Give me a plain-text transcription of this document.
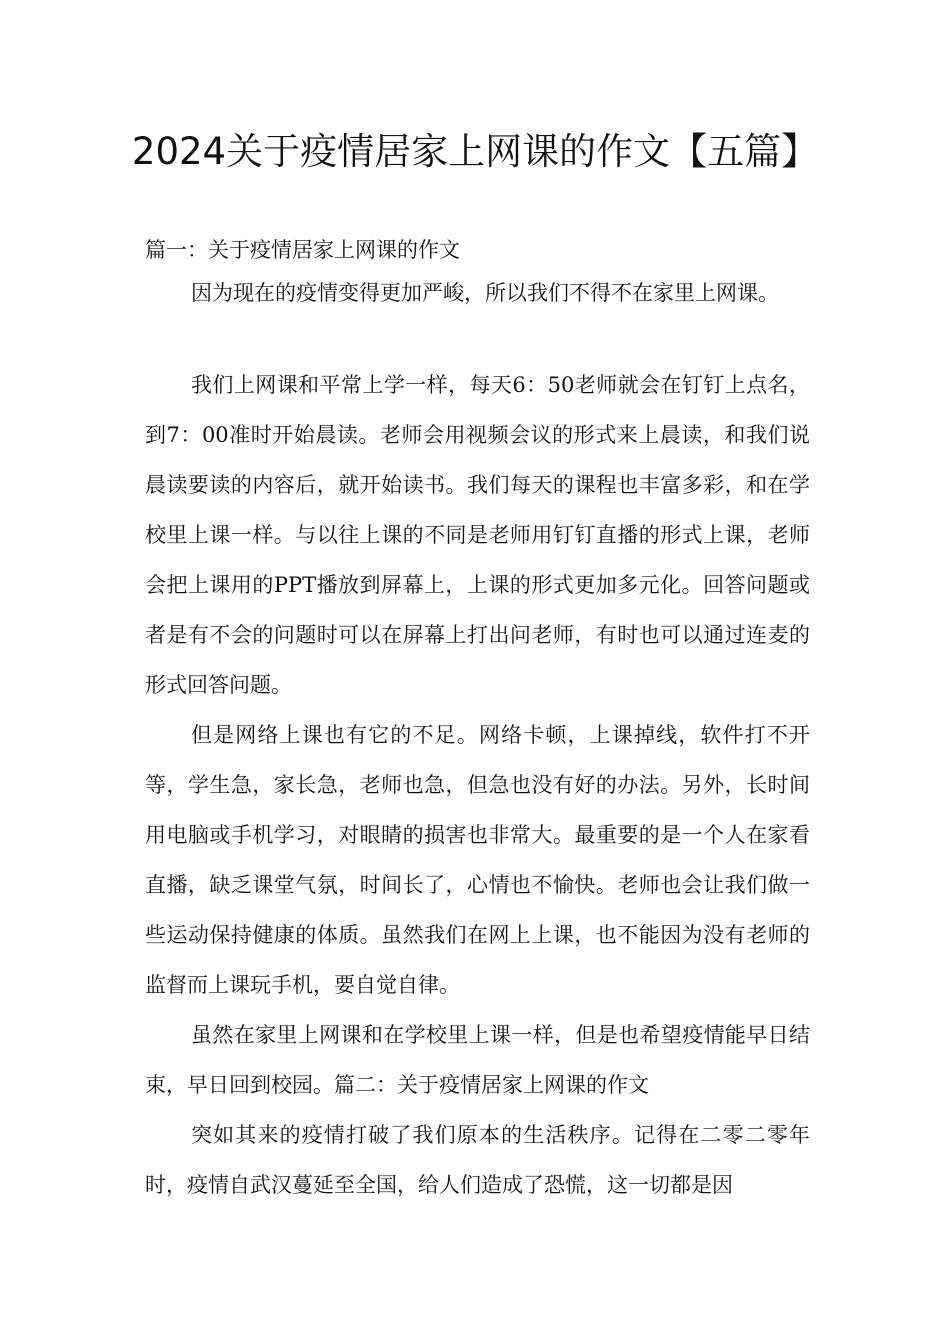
2024关于疫情居家上网课的作文【五篇】

篇一：关于疫情居家上网课的作文

因为现在的疫情变得更加严峻，所以我们不得不在家里上网课。

我们上网课和平常上学一样，每天6：50老师就会在钉钉上点名，到7：00准时开始晨读。老师会用视频会议的形式来上晨读，和我们说晨读要读的内容后，就开始读书。我们每天的课程也丰富多彩，和在学校里上课一样。与以往上课的不同是老师用钉钉直播的形式上课，老师会把上课用的PPT播放到屏幕上，上课的形式更加多元化。回答问题或者是有不会的问题时可以在屏幕上打出问老师，有时也可以通过连麦的形式回答问题。

但是网络上课也有它的不足。网络卡顿，上课掉线，软件打不开等，学生急，家长急，老师也急，但急也没有好的办法。另外，长时间用电脑或手机学习，对眼睛的损害也非常大。最重要的是一个人在家看直播，缺乏课堂气氛，时间长了，心情也不愉快。老师也会让我们做一些运动保持健康的体质。虽然我们在网上上课，也不能因为没有老师的监督而上课玩手机，要自觉自律。

虽然在家里上网课和在学校里上课一样，但是也希望疫情能早日结束，早日回到校园。篇二：关于疫情居家上网课的作文

突如其来的疫情打破了我们原本的生活秩序。记得在二零二零年时，疫情自武汉蔓延至全国，给人们造成了恐慌，这一切都是因
